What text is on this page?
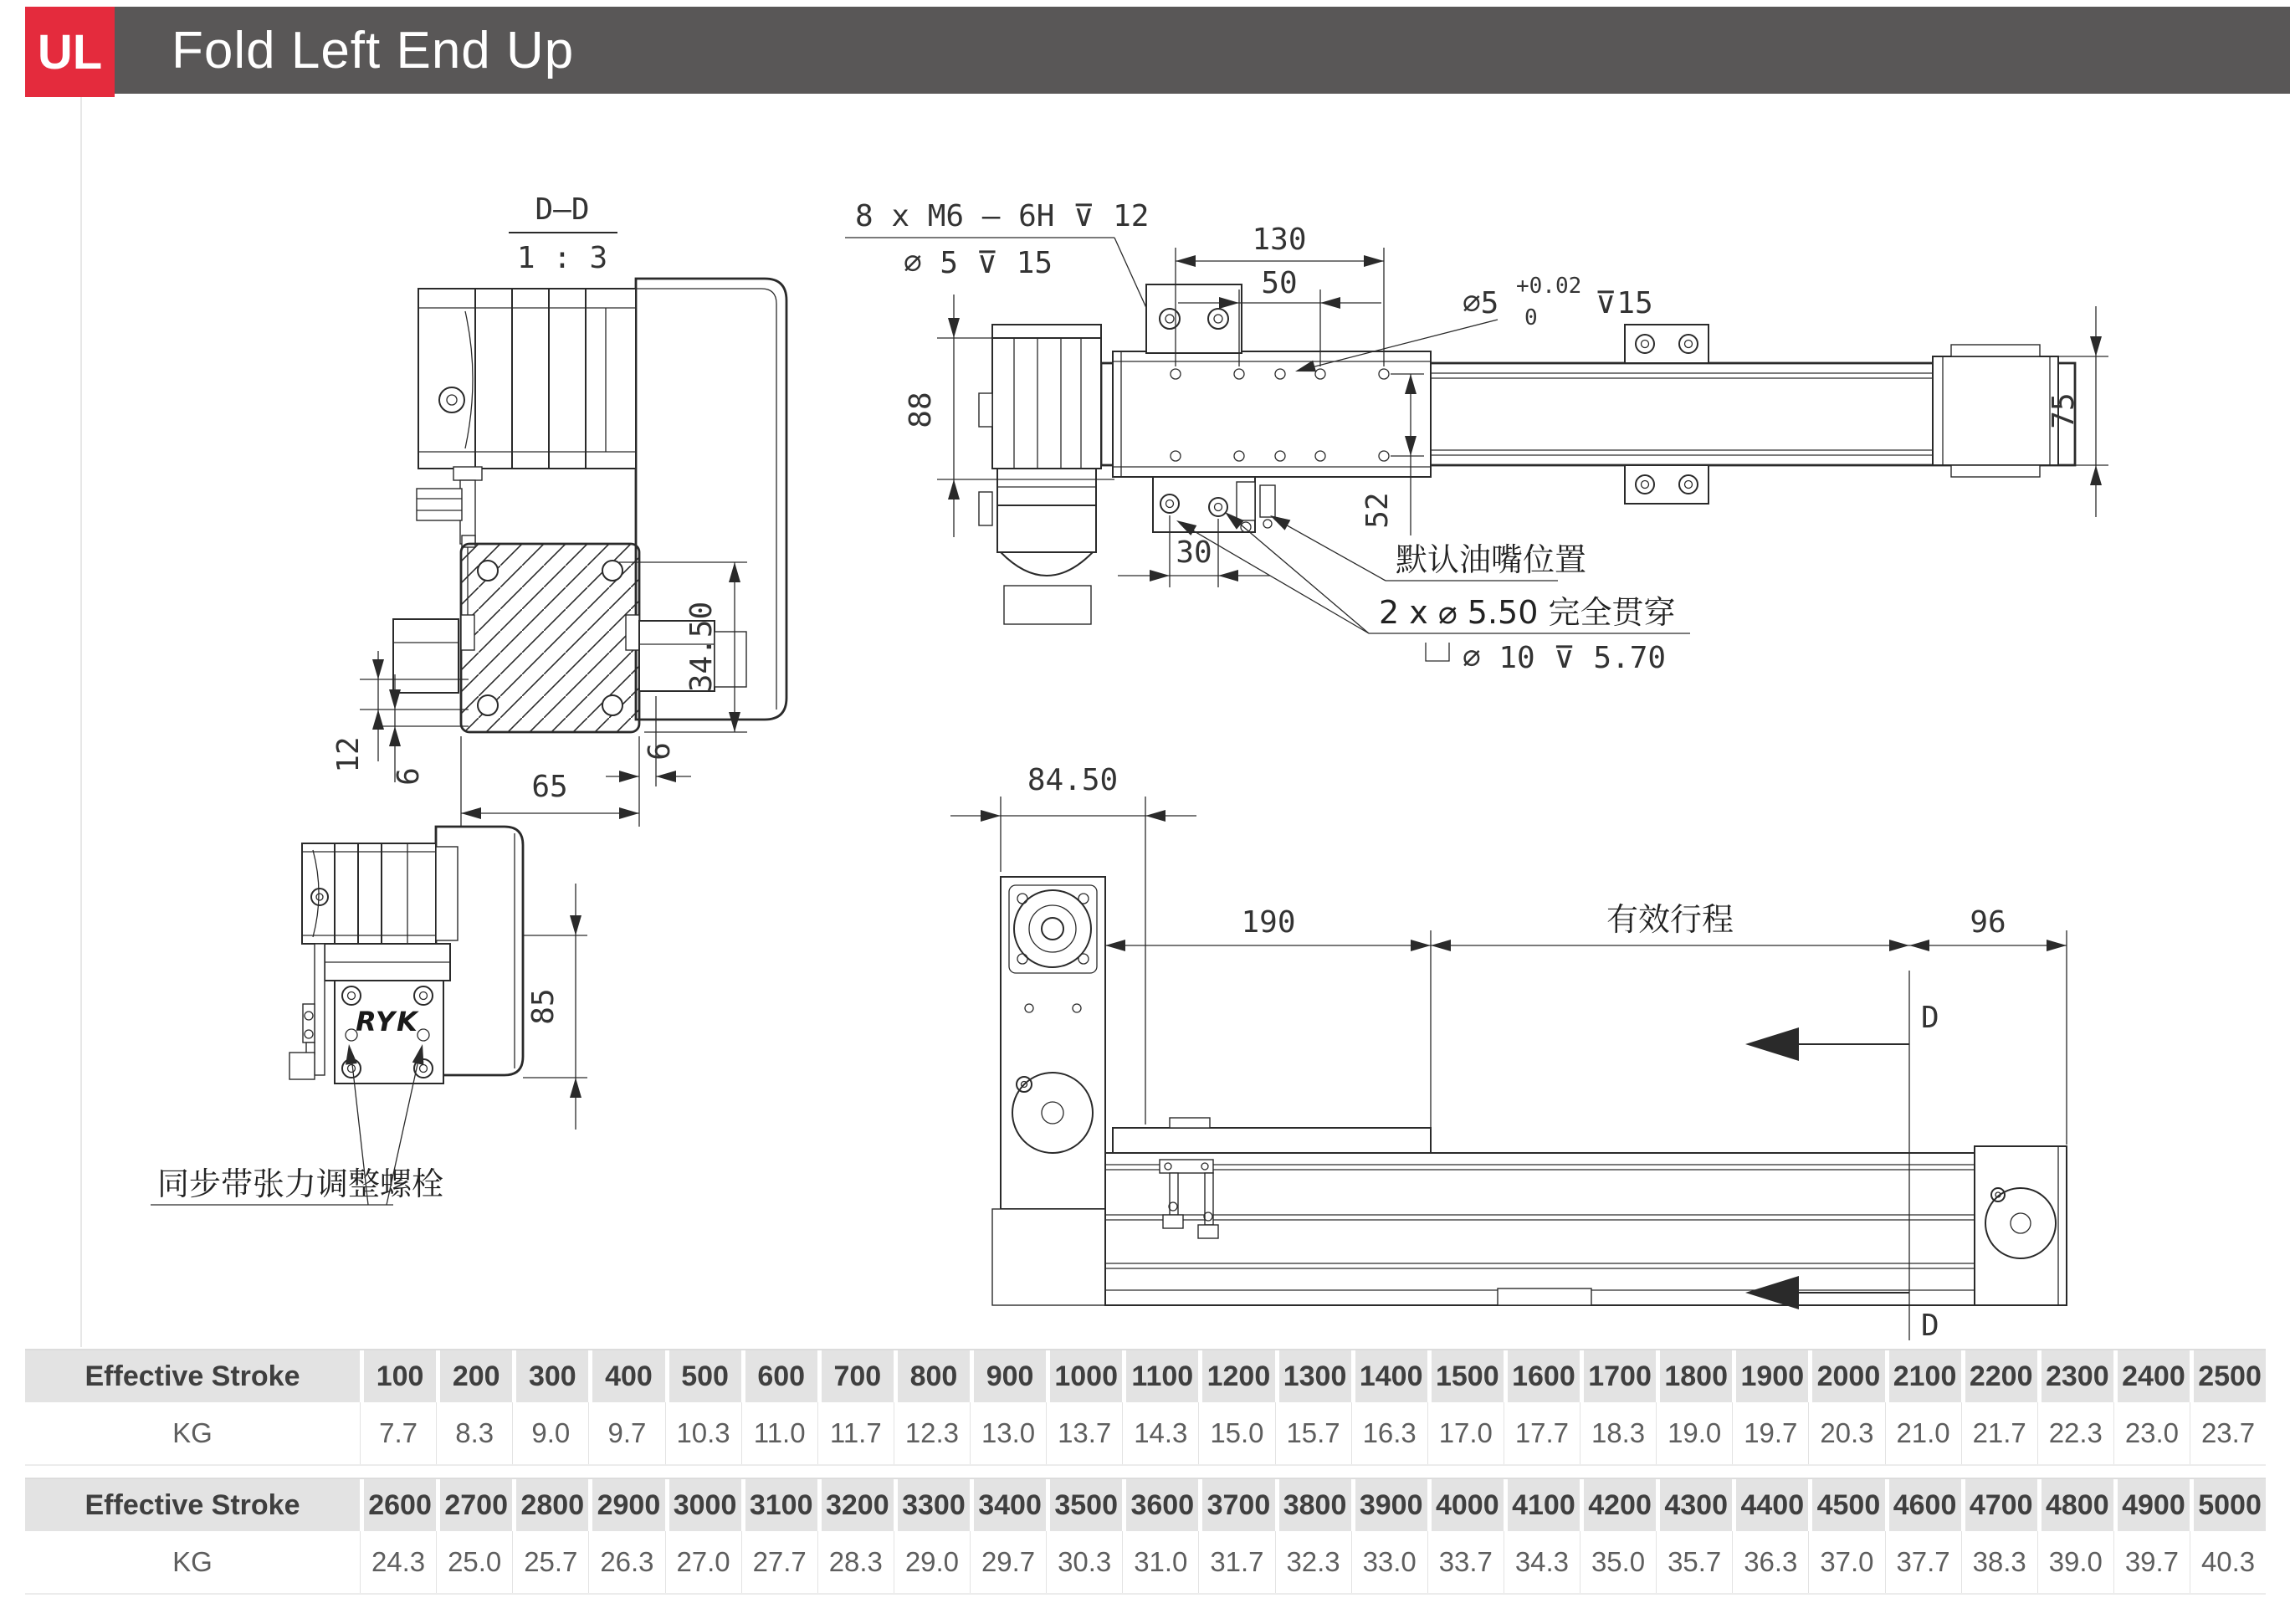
UL Fold Left End Up
D–D
1 : 3
34.50
12
6	65
6
8 x M6 – 6H ⊽ 12
⌀ 5 ⊽ 15
130
50
⌀5 +0.02
0 ⊽15
88
30
52
75
默认油嘴位置
2 x ⌀ 5.50 完全贯穿
⌀ 10 ⊽ 5.70
RYK	85
同步带张力调整螺栓
84.50
190	有效行程	96
D
D
Effective Stroke	100	200	300	400	500	600	700	800	900 1000 1100 1200 1300 1400 1500 1600 1700 1800 1900 2000 2100 2200 2300 2400 2500
KG	7.7	8.3	9.0	9.7	10.3 11.0 11.7 12.3 13.0 13.7 14.3 15.0 15.7 16.3 17.0 17.7 18.3 19.0 19.7 20.3 21.0 21.7 22.3 23.0 23.7
Effective Stroke	2600 2700 2800 2900 3000 3100 3200 3300 3400 3500 3600 3700 3800 3900 4000 4100 4200 4300 4400 4500 4600 4700 4800 4900 5000
KG	24.3 25.0 25.7 26.3 27.0 27.7 28.3 29.0 29.7 30.3 31.0 31.7 32.3 33.0 33.7 34.3 35.0 35.7 36.3 37.0 37.7 38.3 39.0 39.7 40.3
